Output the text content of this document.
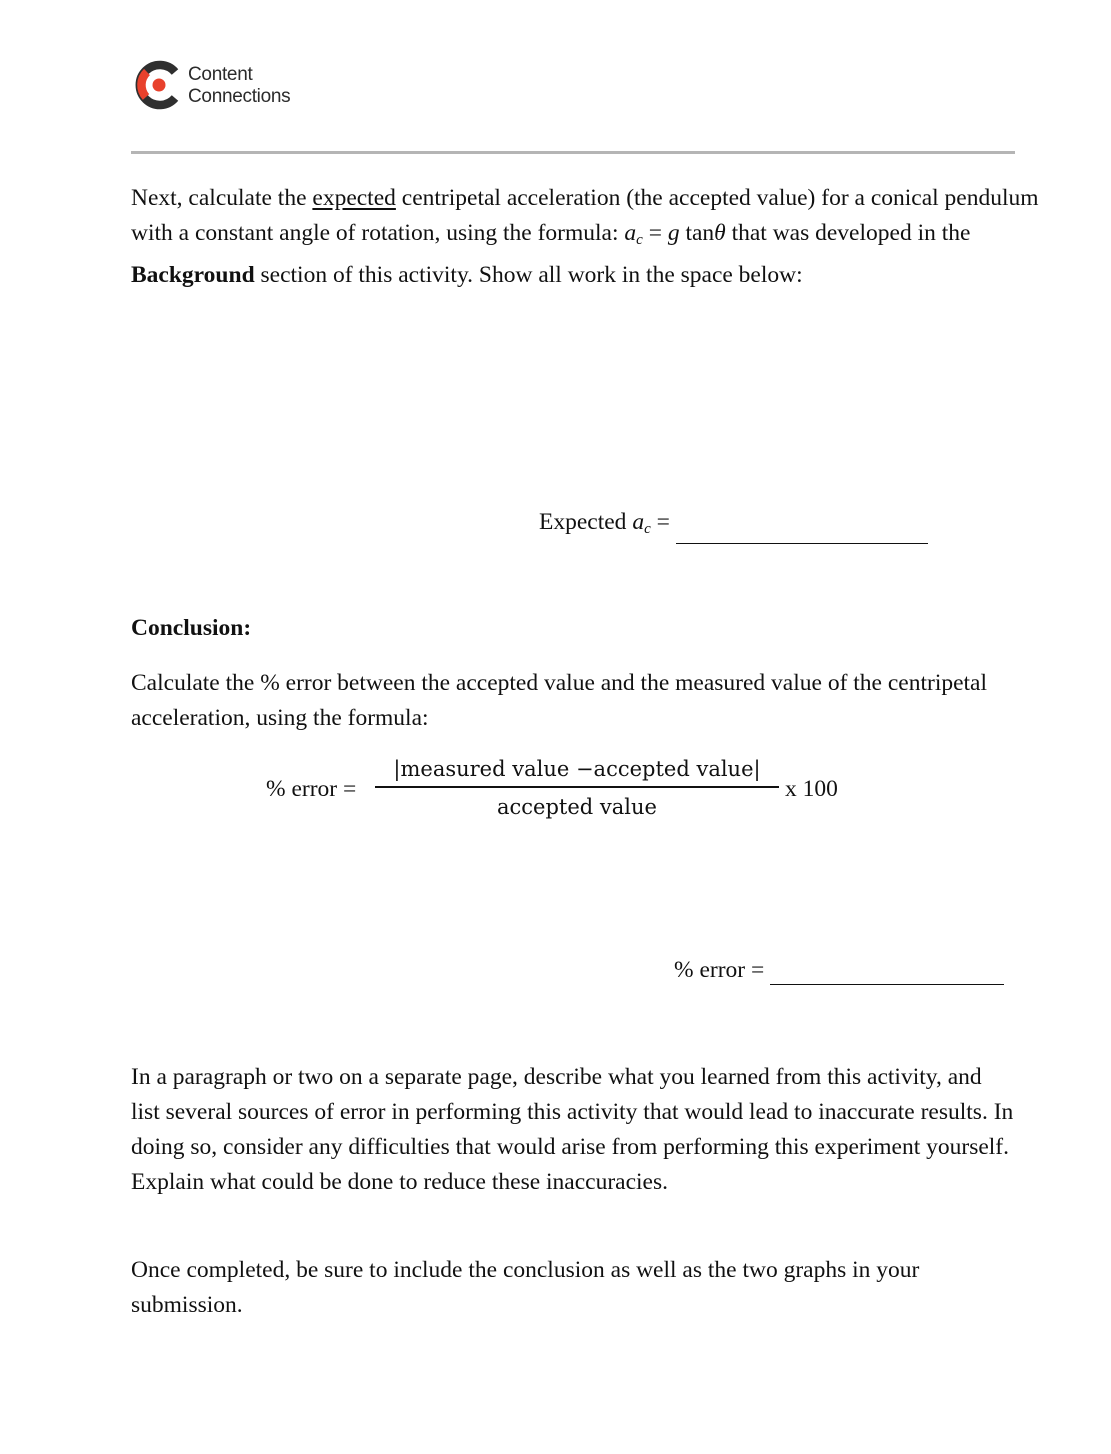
Content
Connections

Next, calculate the expected centripetal acceleration (the accepted value) for a conical pendulum with a constant angle of rotation, using the formula: $a_c = g$ tanθ that was developed in the Background section of this activity. Show all work in the space below:

Expected $a_c$ =
Conclusion:

Calculate the % error between the accepted value and the measured value of the centripetal acceleration, using the formula:

% error =
|measured value −accepted value|
accepted value
x 100
% error =

In a paragraph or two on a separate page, describe what you learned from this activity, and list several sources of error in performing this activity that would lead to inaccurate results. In doing so, consider any difficulties that would arise from performing this experiment yourself. Explain what could be done to reduce these inaccuracies.

Once completed, be sure to include the conclusion as well as the two graphs in your submission.
